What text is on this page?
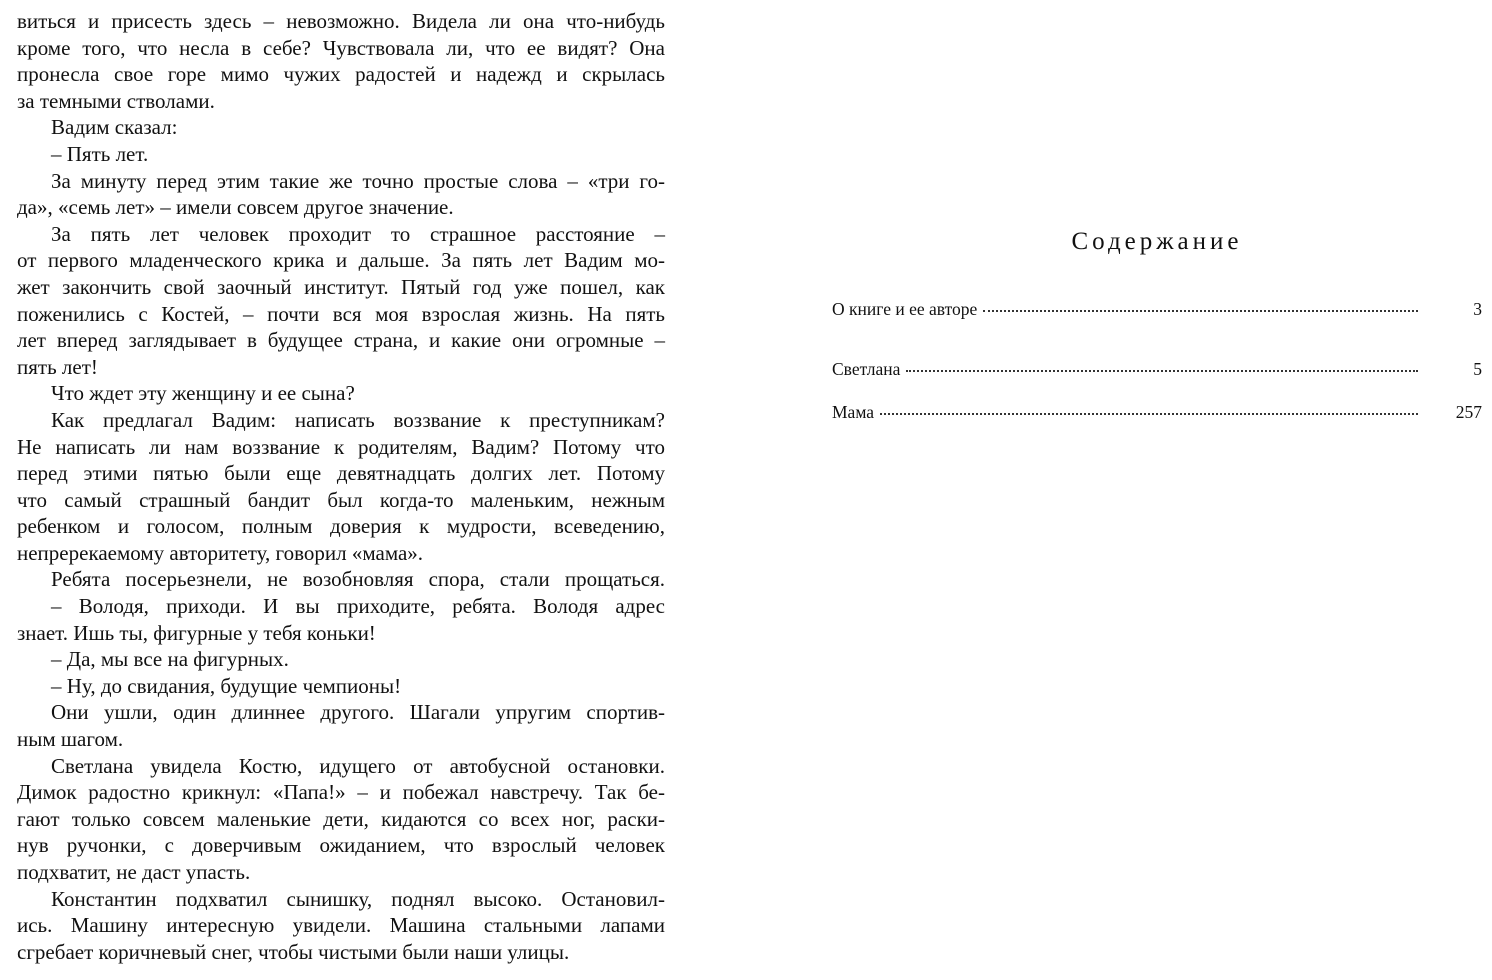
виться и присесть здесь – невозможно. Видела ли она что-нибудь
кроме того, что несла в себе? Чувствовала ли, что ее видят? Она
пронесла свое горе мимо чужих радостей и надежд и скрылась
за темными стволами.
Вадим сказал:
– Пять лет.
За минуту перед этим такие же точно простые слова – «три го-
да», «семь лет» – имели совсем другое значение.
За пять лет человек проходит то страшное расстояние –
от первого младенческого крика и дальше. За пять лет Вадим мо-
жет закончить свой заочный институт. Пятый год уже пошел, как
поженились с Костей, – почти вся моя взрослая жизнь. На пять
лет вперед заглядывает в будущее страна, и какие они огромные –
пять лет!
Что ждет эту женщину и ее сына?
Как предлагал Вадим: написать воззвание к преступникам?
Не написать ли нам воззвание к родителям, Вадим? Потому что
перед этими пятью были еще девятнадцать долгих лет. Потому
что самый страшный бандит был когда-то маленьким, нежным
ребенком и голосом, полным доверия к мудрости, всеведению,
непререкаемому авторитету, говорил «мама».
Ребята посерьезнели, не возобновляя спора, стали прощаться.
– Володя, приходи. И вы приходите, ребята. Володя адрес
знает. Ишь ты, фигурные у тебя коньки!
– Да, мы все на фигурных.
– Ну, до свидания, будущие чемпионы!
Они ушли, один длиннее другого. Шагали упругим спортив-
ным шагом.
Светлана увидела Костю, идущего от автобусной остановки.
Димок радостно крикнул: «Папа!» – и побежал навстречу. Так бе-
гают только совсем маленькие дети, кидаются со всех ног, раски-
нув ручонки, с доверчивым ожиданием, что взрослый человек
подхватит, не даст упасть.
Константин подхватил сынишку, поднял высоко. Остановил-
ись. Машину интересную увидели. Машина стальными лапами
сгребает коричневый снег, чтобы чистыми были наши улицы.
Содержание
О книге и ее авторе	3
Светлана	5
Мама	257
